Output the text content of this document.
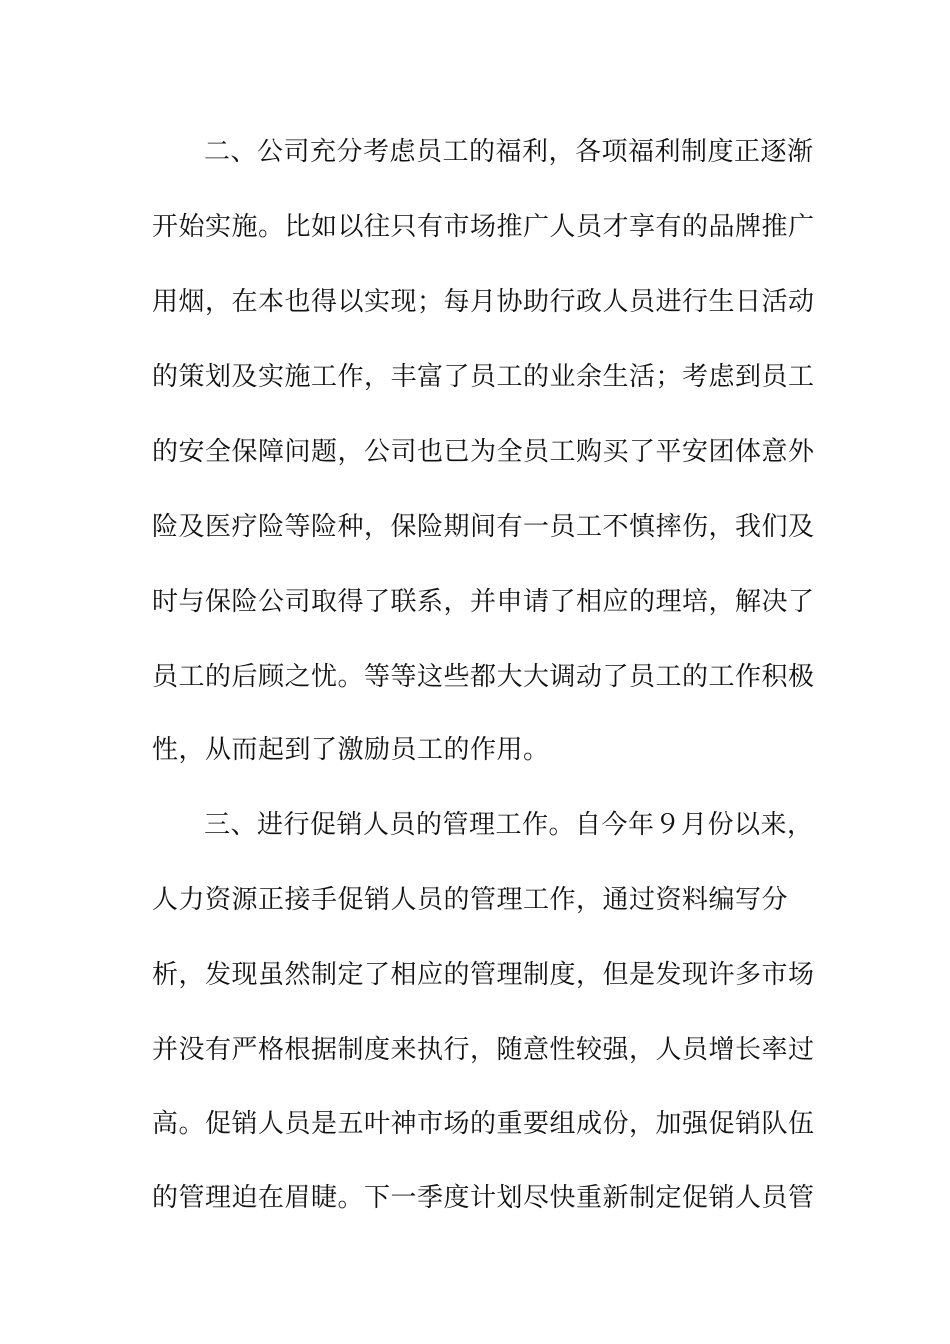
二、公司充分考虑员工的福利，各项福利制度正逐渐
开始实施。比如以往只有市场推广人员才享有的品牌推广
用烟，在本也得以实现；每月协助行政人员进行生日活动
的策划及实施工作，丰富了员工的业余生活；考虑到员工
的安全保障问题，公司也已为全员工购买了平安团体意外
险及医疗险等险种，保险期间有一员工不慎摔伤，我们及
时与保险公司取得了联系，并申请了相应的理培，解决了
员工的后顾之忧。等等这些都大大调动了员工的工作积极
性，从而起到了激励员工的作用。
三、进行促销人员的管理工作。自今年９月份以来，
人力资源正接手促销人员的管理工作，通过资料编写分
析，发现虽然制定了相应的管理制度，但是发现许多市场
并没有严格根据制度来执行，随意性较强，人员增长率过
高。促销人员是五叶神市场的重要组成份，加强促销队伍
的管理迫在眉睫。下一季度计划尽快重新制定促销人员管
